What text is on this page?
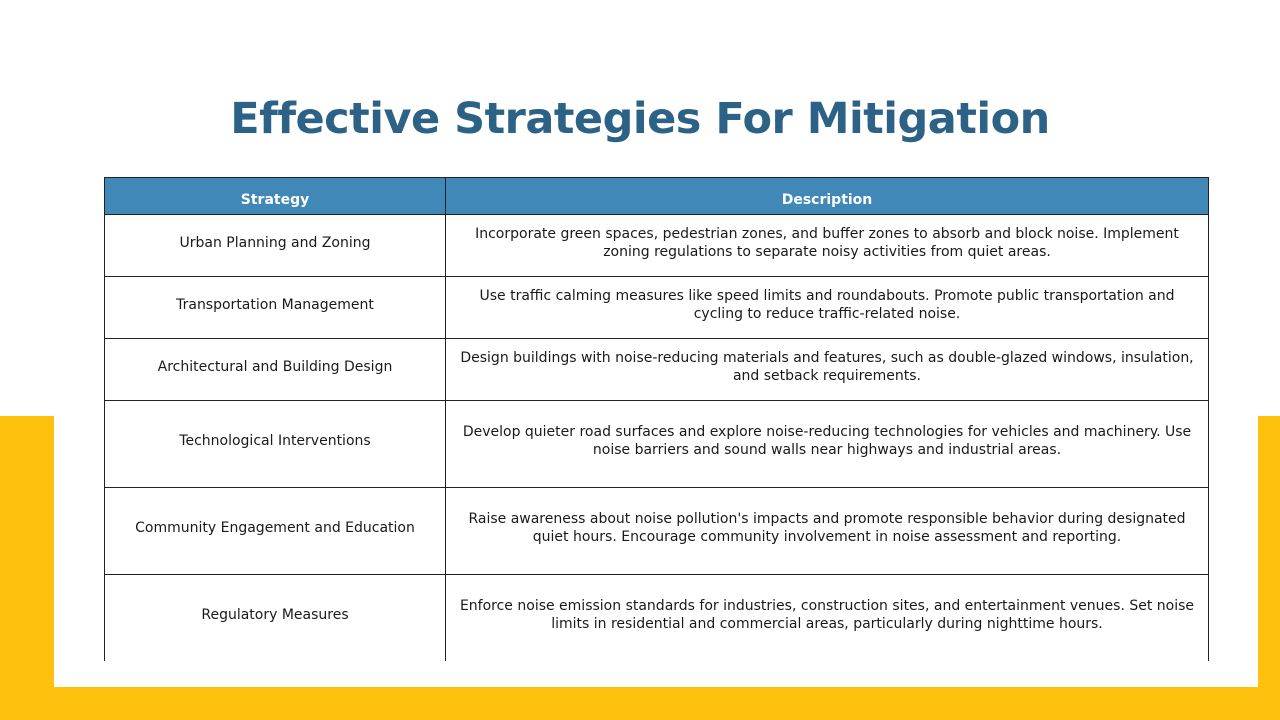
Effective Strategies For Mitigation
Strategy	Description
Urban Planning and Zoning	Incorporate green spaces, pedestrian zones, and buffer zones to absorb and block noise. Implement zoning regulations to separate noisy activities from quiet areas.
Transportation Management	Use traffic calming measures like speed limits and roundabouts. Promote public transportation and cycling to reduce traffic-related noise.
Architectural and Building Design	Design buildings with noise-reducing materials and features, such as double-glazed windows, insulation, and setback requirements.
Technological Interventions	Develop quieter road surfaces and explore noise-reducing technologies for vehicles and machinery. Use noise barriers and sound walls near highways and industrial areas.
Community Engagement and Education	Raise awareness about noise pollution's impacts and promote responsible behavior during designated quiet hours. Encourage community involvement in noise assessment and reporting.
Regulatory Measures	Enforce noise emission standards for industries, construction sites, and entertainment venues. Set noise limits in residential and commercial areas, particularly during nighttime hours.
